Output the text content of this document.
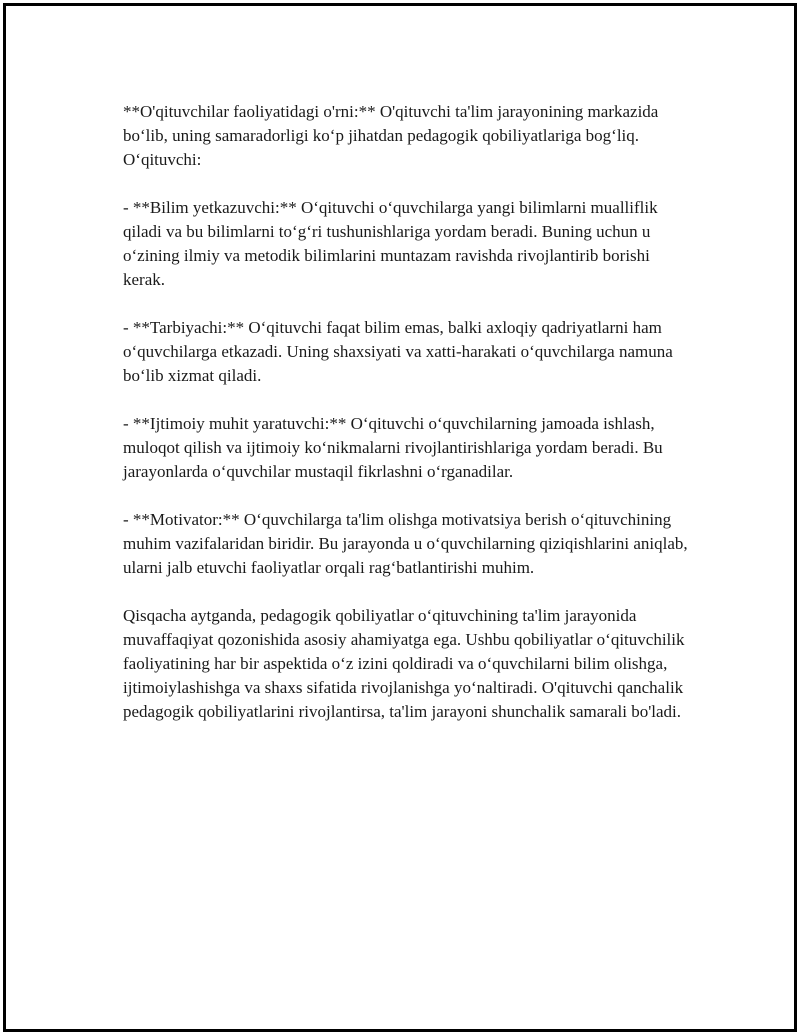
**O'qituvchilar faoliyatidagi o'rni:** O'qituvchi ta'lim jarayonining markazida bo‘lib, uning samaradorligi ko‘p jihatdan pedagogik qobiliyatlariga bog‘liq. O‘qituvchi:

- **Bilim yetkazuvchi:** O‘qituvchi o‘quvchilarga yangi bilimlarni mualliflik qiladi va bu bilimlarni to‘g‘ri tushunishlariga yordam beradi. Buning uchun u o‘zining ilmiy va metodik bilimlarini muntazam ravishda rivojlantirib borishi kerak.

- **Tarbiyachi:** O‘qituvchi faqat bilim emas, balki axloqiy qadriyatlarni ham o‘quvchilarga etkazadi. Uning shaxsiyati va xatti-harakati o‘quvchilarga namuna bo‘lib xizmat qiladi.

- **Ijtimoiy muhit yaratuvchi:** O‘qituvchi o‘quvchilarning jamoada ishlash, muloqot qilish va ijtimoiy ko‘nikmalarni rivojlantirishlariga yordam beradi. Bu jarayonlarda o‘quvchilar mustaqil fikrlashni o‘rganadilar.

- **Motivator:** O‘quvchilarga ta'lim olishga motivatsiya berish o‘qituvchining muhim vazifalaridan biridir. Bu jarayonda u o‘quvchilarning qiziqishlarini aniqlab, ularni jalb etuvchi faoliyatlar orqali rag‘batlantirishi muhim.

Qisqacha aytganda, pedagogik qobiliyatlar o‘qituvchining ta'lim jarayonida muvaffaqiyat qozonishida asosiy ahamiyatga ega. Ushbu qobiliyatlar o‘qituvchilik faoliyatining har bir aspektida o‘z izini qoldiradi va o‘quvchilarni bilim olishga, ijtimoiylashishga va shaxs sifatida rivojlanishga yo‘naltiradi. O'qituvchi qanchalik pedagogik qobiliyatlarini rivojlantirsa, ta'lim jarayoni shunchalik samarali bo'ladi.
